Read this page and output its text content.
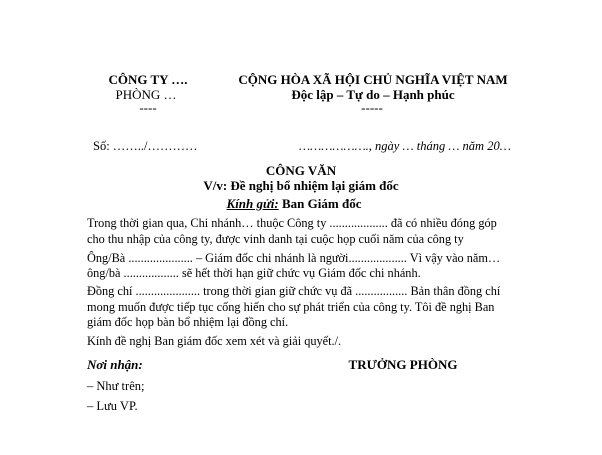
CÔNG TY ….
PHÒNG …
----
CỘNG HÒA XÃ HỘI CHỦ NGHĨA VIỆT NAM
Độc lập – Tự do – Hạnh phúc
-----
Số: ……../…………	………………., ngày … tháng … năm 20…
CÔNG VĂN
V/v: Đề nghị bổ nhiệm lại giám đốc
Kính gửi: Ban Giám đốc
Trong thời gian qua, Chi nhánh… thuộc Công ty ................... đã có nhiều đóng góp
cho thu nhập của công ty, được vinh danh tại cuộc họp cuối năm của công ty
Ông/Bà ..................... – Giám đốc chi nhánh là người................... Vì vậy vào năm…
ông/bà .................. sẽ hết thời hạn giữ chức vụ Giám đốc chi nhánh.
Đồng chí ..................... trong thời gian giữ chức vụ đã ................. Bản thân đồng chí
mong muốn được tiếp tục cống hiến cho sự phát triển của công ty. Tôi đề nghị Ban
giám đốc họp bàn bổ nhiệm lại đồng chí.
Kính đề nghị Ban giám đốc xem xét và giải quyết./.
Nơi nhận:
– Như trên;
– Lưu VP.
TRƯỞNG PHÒNG
